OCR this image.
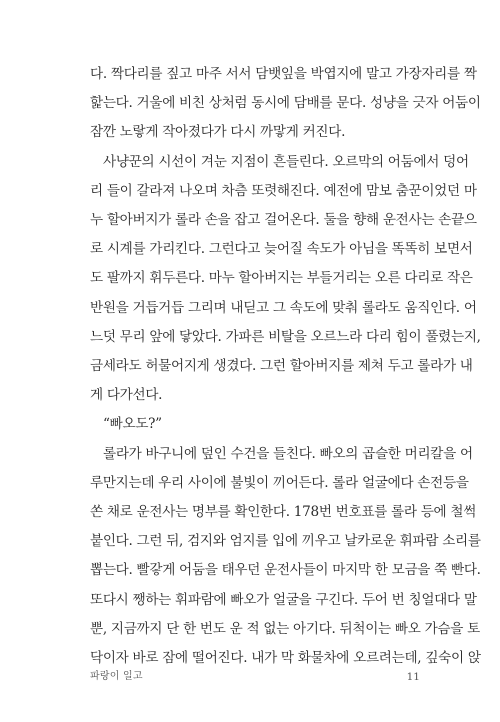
다. 짝다리를 짚고 마주 서서 담뱃잎을 박엽지에 말고 가장자리를 짝
핥는다. 거울에 비친 상처럼 동시에 담배를 문다. 성냥을 긋자 어둠이
잠깐 노랗게 작아졌다가 다시 까맣게 커진다.
사냥꾼의 시선이 겨눈 지점이 흔들린다. 오르막의 어둠에서 덩어
리 들이 갈라져 나오며 차츰 또렷해진다. 예전에 맘보 춤꾼이었던 마
누 할아버지가 롤라 손을 잡고 걸어온다. 둘을 향해 운전사는 손끝으
로 시계를 가리킨다. 그런다고 늦어질 속도가 아님을 똑똑히 보면서
도 팔까지 휘두른다. 마누 할아버지는 부들거리는 오른 다리로 작은
반원을 거듭거듭 그리며 내딛고 그 속도에 맞춰 롤라도 움직인다. 어
느덧 무리 앞에 닿았다. 가파른 비탈을 오르느라 다리 힘이 풀렸는지,
금세라도 허물어지게 생겼다. 그런 할아버지를 제쳐 두고 롤라가 내
게 다가선다.
“빠오도?”
롤라가 바구니에 덮인 수건을 들친다. 빠오의 곱슬한 머리칼을 어
루만지는데 우리 사이에 불빛이 끼어든다. 롤라 얼굴에다 손전등을
쏜 채로 운전사는 명부를 확인한다. 178번 번호표를 롤라 등에 철썩
붙인다. 그런 뒤, 검지와 엄지를 입에 끼우고 날카로운 휘파람 소리를
뽑는다. 빨갛게 어둠을 태우던 운전사들이 마지막 한 모금을 쭉 빤다.
또다시 쨍하는 휘파람에 빠오가 얼굴을 구긴다. 두어 번 칭얼대다 말
뿐, 지금까지 단 한 번도 운 적 없는 아기다. 뒤척이는 빠오 가슴을 토
닥이자 바로 잠에 떨어진다. 내가 막 화물차에 오르려는데, 깊숙이 앉
파랑이 일고	11
